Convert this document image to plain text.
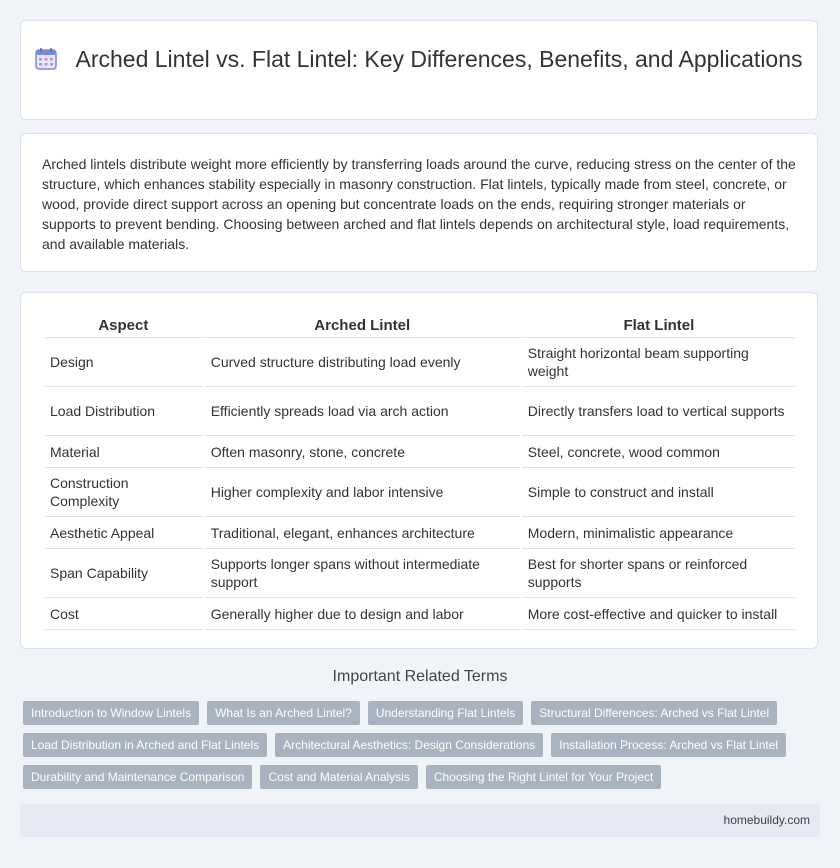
Arched Lintel vs. Flat Lintel: Key Differences, Benefits, and Applications

Arched lintels distribute weight more efficiently by transferring loads around the curve, reducing stress on the center of the structure, which enhances stability especially in masonry construction. Flat lintels, typically made from steel, concrete, or wood, provide direct support across an opening but concentrate loads on the ends, requiring stronger materials or supports to prevent bending. Choosing between arched and flat lintels depends on architectural style, load requirements, and available materials.

Aspect	Arched Lintel	Flat Lintel
Design	Curved structure distributing load evenly	Straight horizontal beam supporting weight
Load Distribution	Efficiently spreads load via arch action	Directly transfers load to vertical supports
Material	Often masonry, stone, concrete	Steel, concrete, wood common
Construction Complexity	Higher complexity and labor intensive	Simple to construct and install
Aesthetic Appeal	Traditional, elegant, enhances architecture	Modern, minimalistic appearance
Span Capability	Supports longer spans without intermediate support	Best for shorter spans or reinforced supports
Cost	Generally higher due to design and labor	More cost-effective and quicker to install
Important Related Terms
Introduction to Window Lintels	What Is an Arched Lintel?	Understanding Flat Lintels	Structural Differences: Arched vs Flat Lintel
Load Distribution in Arched and Flat Lintels	Architectural Aesthetics: Design Considerations	Installation Process: Arched vs Flat Lintel
Durability and Maintenance Comparison	Cost and Material Analysis	Choosing the Right Lintel for Your Project
homebuildy.com
